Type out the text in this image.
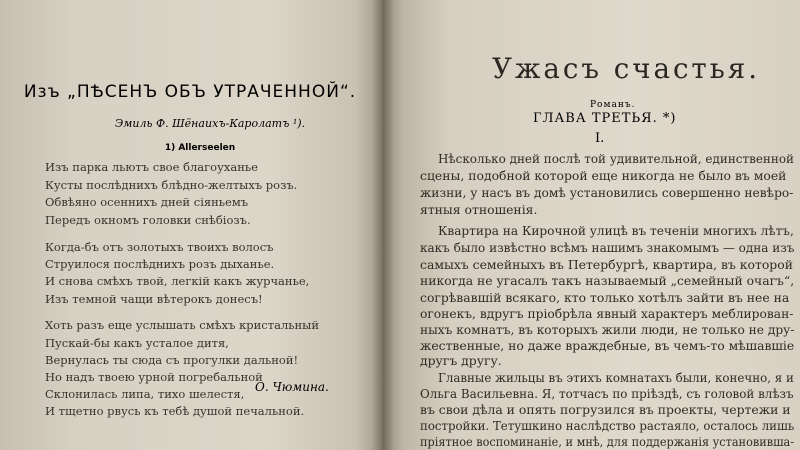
Изъ „ПѢСЕНЪ ОБЪ УТРАЧЕННОЙ“.
Эмиль Ф. Шёнаихъ-Каролатъ ¹).
1) Allerseelen
Изъ парка льютъ свое благоуханье
Кусты послѣднихъ блѣдно-желтыхъ розъ.
Обвѣяно осеннихъ дней сіяньемъ
Передъ окномъ головки снѣбіозъ.
Когда-бъ отъ золотыхъ твоихъ волосъ
Струилося послѣднихъ розъ дыханье.
И снова смѣхъ твой, легкій какъ журчанье,
Изъ темной чащи вѣтерокъ донесъ!
Хоть разъ еще услышать смѣхъ кристальный
Пускай-бы какъ усталое дитя,
Вернулась ты сюда съ прогулки дальной!
Но надъ твоею урной погребальной
Склонилась липа, тихо шелестя,
И тщетно рвусь къ тебѣ душой печальной.
О. Чюмина.
Ужасъ счастья.
Романъ.
ГЛАВА ТРЕТЬЯ. *)
I.
Нѣсколько дней послѣ той удивительной, единственной
сцены, подобной которой еще никогда не было въ моей
жизни, у насъ въ домѣ установились совершенно невѣро-
ятныя отношенія.
Квартира на Кирочной улицѣ въ теченіи многихъ лѣтъ,
какъ было извѣстно всѣмъ нашимъ знакомымъ — одна изъ
самыхъ семейныхъ въ Петербургѣ, квартира, въ которой
никогда не угасалъ такъ называемый „семейный очагъ“,
согрѣвавшій всякаго, кто только хотѣлъ зайти въ нее на
огонекъ, вдругъ пріобрѣла явный характеръ меблирован-
ныхъ комнатъ, въ которыхъ жили люди, не только не дру-
жественные, но даже враждебные, въ чемъ-то мѣшавшіе
другъ другу.
Главные жильцы въ этихъ комнатахъ были, конечно, я и
Ольга Васильевна. Я, тотчасъ по пріѣздѣ, съ головой влѣзъ
въ свои дѣла и опять погрузился въ проекты, чертежи и
постройки. Тетушкино наслѣдство растаяло, осталось лишь
пріятное воспоминаніе, и мнѣ, для поддержанія установивша-
